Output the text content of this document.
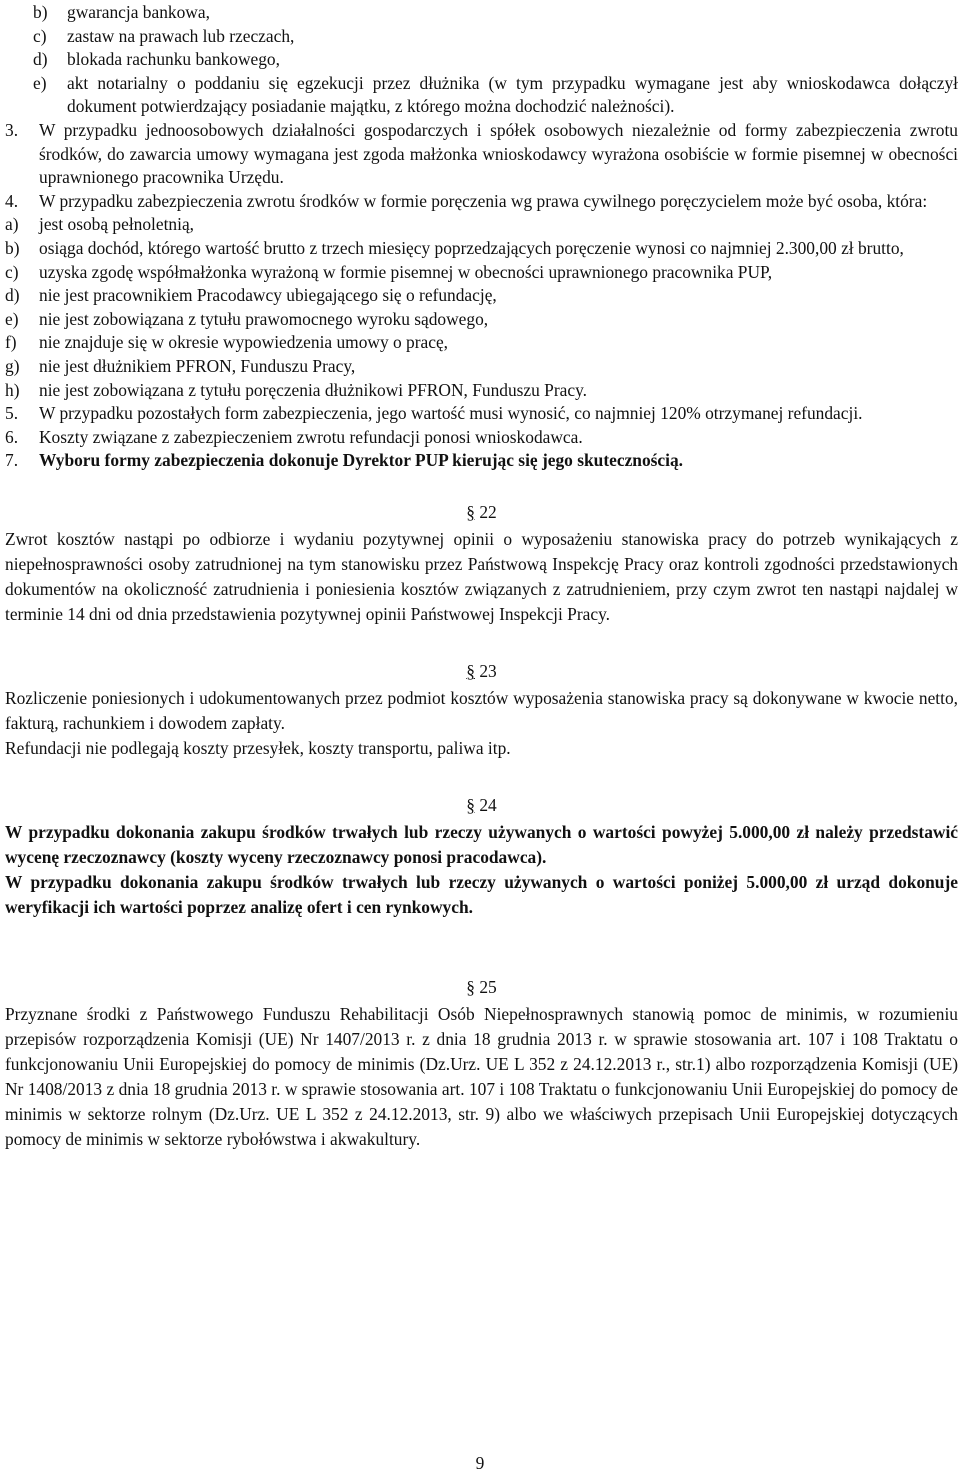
b)	gwarancja bankowa,
c)	zastaw na prawach lub rzeczach,
d)	blokada rachunku bankowego,
e)	akt notarialny o poddaniu się egzekucji przez dłużnika (w tym przypadku wymagane jest aby wnioskodawca dołączył dokument potwierdzający posiadanie majątku, z którego można dochodzić należności).
3.	W przypadku jednoosobowych działalności gospodarczych i spółek osobowych niezależnie od formy zabezpieczenia zwrotu środków, do zawarcia umowy wymagana jest zgoda małżonka wnioskodawcy wyrażona osobiście w formie pisemnej w obecności uprawnionego pracownika Urzędu.
4.	W przypadku zabezpieczenia zwrotu środków w formie poręczenia wg prawa cywilnego poręczycielem może być osoba, która:
a)	jest osobą pełnoletnią,
b)	osiąga dochód, którego wartość brutto z trzech miesięcy poprzedzających poręczenie wynosi co najmniej 2.300,00 zł brutto,
c)	uzyska zgodę współmałżonka wyrażoną w formie pisemnej w obecności uprawnionego pracownika PUP,
d)	nie jest pracownikiem Pracodawcy ubiegającego się o refundację,
e)	nie jest zobowiązana z tytułu prawomocnego wyroku sądowego,
f)	nie znajduje się w okresie wypowiedzenia umowy o pracę,
g)	nie jest dłużnikiem PFRON, Funduszu Pracy,
h)	nie jest zobowiązana z tytułu poręczenia dłużnikowi PFRON, Funduszu Pracy.
5.	W przypadku pozostałych form zabezpieczenia, jego wartość musi wynosić, co najmniej 120% otrzymanej refundacji.
6.	Koszty związane z zabezpieczeniem zwrotu refundacji ponosi wnioskodawca.
7.	Wyboru formy zabezpieczenia dokonuje Dyrektor PUP kierując się jego skutecznością.
§ 22
Zwrot kosztów nastąpi po odbiorze i wydaniu pozytywnej opinii o wyposażeniu stanowiska pracy do potrzeb wynikających z niepełnosprawności osoby zatrudnionej na tym stanowisku przez Państwową Inspekcję Pracy oraz kontroli zgodności przedstawionych dokumentów na okoliczność zatrudnienia i poniesienia kosztów związanych z zatrudnieniem, przy czym zwrot ten nastąpi najdalej w terminie 14 dni od dnia przedstawienia pozytywnej opinii Państwowej Inspekcji Pracy.
§ 23
Rozliczenie poniesionych i udokumentowanych przez podmiot kosztów wyposażenia stanowiska pracy są dokonywane w kwocie netto, fakturą, rachunkiem i dowodem zapłaty.
Refundacji nie podlegają koszty przesyłek, koszty transportu, paliwa itp.
§ 24
W przypadku dokonania zakupu środków trwałych lub rzeczy używanych o wartości powyżej 5.000,00 zł należy przedstawić wycenę rzeczoznawcy (koszty wyceny rzeczoznawcy ponosi pracodawca).
W przypadku dokonania zakupu środków trwałych lub rzeczy używanych o wartości poniżej 5.000,00 zł urząd dokonuje weryfikacji ich wartości poprzez analizę ofert i cen rynkowych.
§ 25
Przyznane środki z Państwowego Funduszu Rehabilitacji Osób Niepełnosprawnych stanowią pomoc de minimis, w rozumieniu przepisów rozporządzenia Komisji (UE) Nr 1407/2013 r. z dnia 18 grudnia 2013 r. w sprawie stosowania art. 107 i 108 Traktatu o funkcjonowaniu Unii Europejskiej do pomocy de minimis (Dz.Urz. UE L 352 z 24.12.2013 r., str.1) albo rozporządzenia Komisji (UE) Nr 1408/2013 z dnia 18 grudnia 2013 r. w sprawie stosowania art. 107 i 108 Traktatu o funkcjonowaniu Unii Europejskiej do pomocy de minimis w sektorze rolnym (Dz.Urz. UE L 352 z 24.12.2013, str. 9) albo we właściwych przepisach Unii Europejskiej dotyczących pomocy de minimis w sektorze rybołówstwa i akwakultury.
9
